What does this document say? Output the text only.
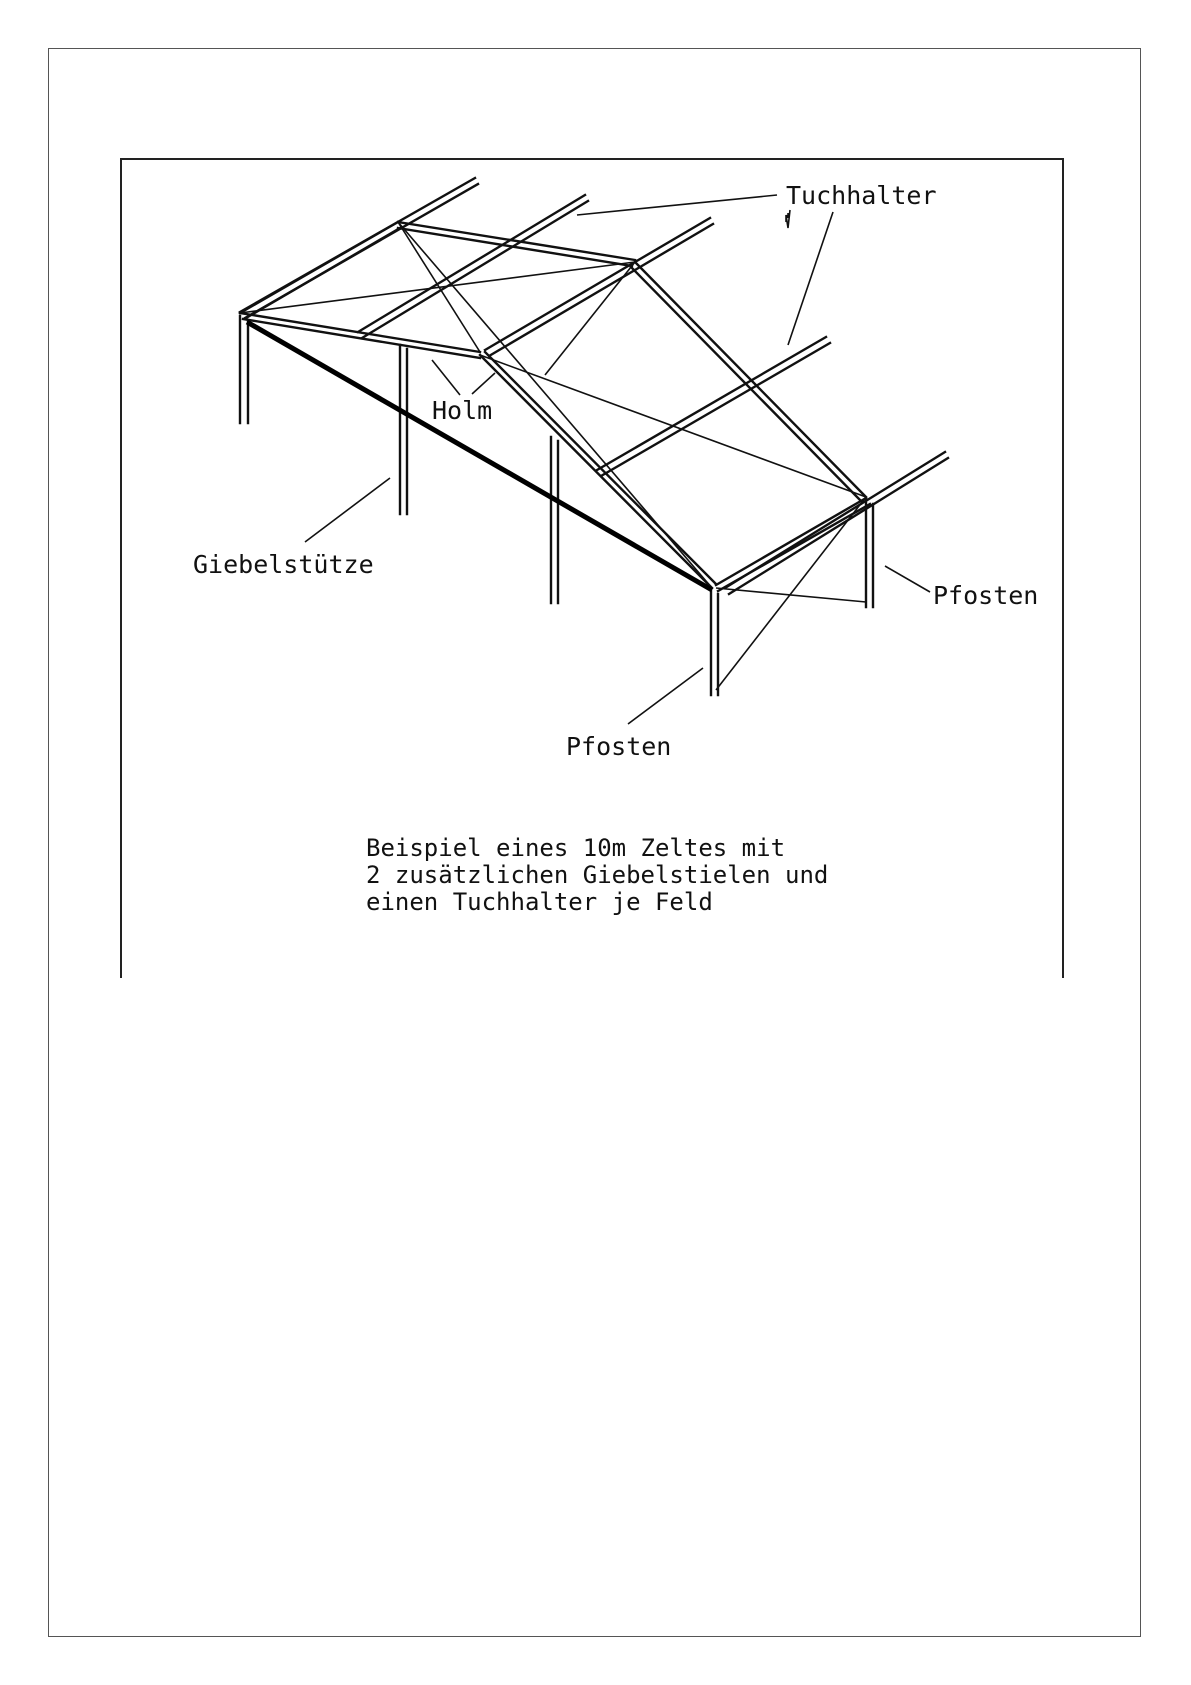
Tuchhalter
Holm
Giebelstütze
Pfosten
Pfosten
Beispiel eines 10m Zeltes mit
2 zusätzlichen Giebelstielen und
einen Tuchhalter je Feld
